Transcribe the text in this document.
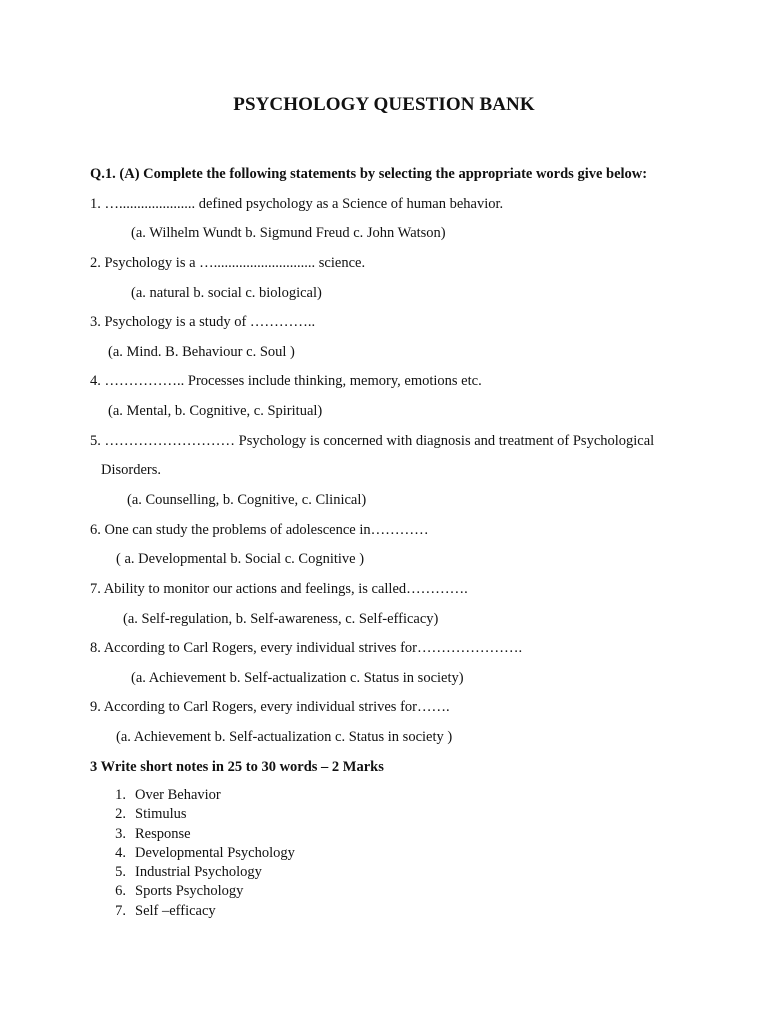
PSYCHOLOGY QUESTION BANK
Q.1. (A) Complete the following statements by selecting the appropriate words give below:
1. …..................... defined psychology as a Science of human behavior.
(a. Wilhelm Wundt b. Sigmund Freud c. John Watson)
2. Psychology is a …............................ science.
(a. natural b. social c. biological)
3. Psychology is a study of …………..
(a. Mind. B. Behaviour c. Soul )
4. …………….. Processes include thinking, memory, emotions etc.
(a. Mental, b. Cognitive, c. Spiritual)
5. ……………………… Psychology is concerned with diagnosis and treatment of Psychological
Disorders.
(a. Counselling, b. Cognitive, c. Clinical)
6. One can study the problems of adolescence in…………
( a. Developmental b. Social c. Cognitive )
7. Ability to monitor our actions and feelings, is called………….
(a. Self-regulation, b. Self-awareness, c. Self-efficacy)
8. According to Carl Rogers, every individual strives for………………….
(a. Achievement b. Self-actualization c. Status in society)
9. According to Carl Rogers, every individual strives for…….
(a. Achievement b. Self-actualization c. Status in society )
3 Write short notes in 25 to 30 words – 2 Marks
1. Over Behavior
2. Stimulus
3. Response
4. Developmental Psychology
5. Industrial Psychology
6. Sports Psychology
7. Self –efficacy
